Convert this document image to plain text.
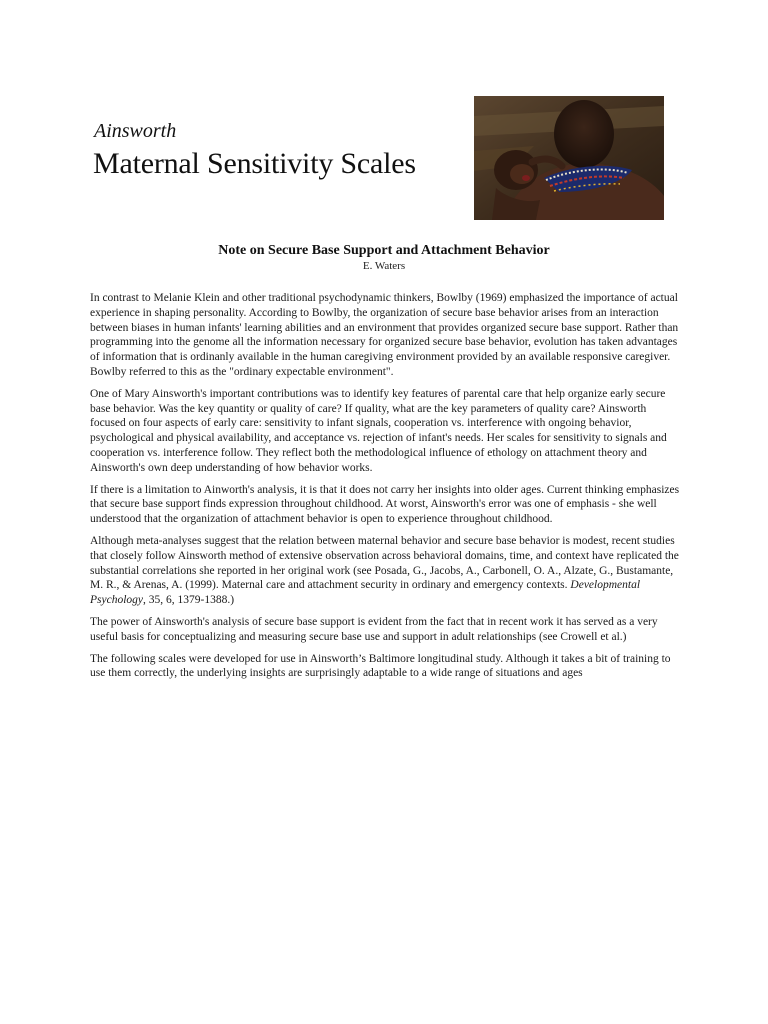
Ainsworth
Maternal Sensitivity Scales
Note on Secure Base Support and Attachment Behavior
E. Waters

In contrast to Melanie Klein and other traditional psychodynamic thinkers, Bowlby (1969) emphasized the importance of actual experience in shaping personality. According to Bowlby, the organization of secure base behavior arises from an interaction between biases in human infants' learning abilities and an environment that provides organized secure base support. Rather than programming into the genome all the information necessary for organized secure base behavior, evolution has taken advantages of information that is ordinanly available in the human caregiving environment provided by an available responsive caregiver. Bowlby referred to this as the "ordinary expectable environment".

One of Mary Ainsworth's important contributions was to identify key features of parental care that help organize early secure base behavior. Was the key quantity or quality of care? If quality, what are the key parameters of quality care? Ainsworth focused on four aspects of early care: sensitivity to infant signals, cooperation vs. interference with ongoing behavior, psychological and physical availability, and acceptance vs. rejection of infant's needs. Her scales for sensitivity to signals and cooperation vs. interference follow. They reflect both the methodological influence of ethology on attachment theory and Ainsworth's own deep understanding of how behavior works.

If there is a limitation to Ainworth's analysis, it is that it does not carry her insights into older ages. Current thinking emphasizes that secure base support finds expression throughout childhood. At worst, Ainsworth's error was one of emphasis - she well understood that the organization of attachment behavior is open to experience throughout childhood.

Although meta-analyses suggest that the relation between maternal behavior and secure base behavior is modest, recent studies that closely follow Ainsworth method of extensive observation across behavioral domains, time, and context have replicated the substantial correlations she reported in her original work (see Posada, G., Jacobs, A., Carbonell, O. A., Alzate, G., Bustamante, M. R., & Arenas, A. (1999). Maternal care and attachment security in ordinary and emergency contexts. Developmental Psychology, 35, 6, 1379-1388.)

The power of Ainsworth's analysis of secure base support is evident from the fact that in recent work it has served as a very useful basis for conceptualizing and measuring secure base use and support in adult relationships (see Crowell et al.)

The following scales were developed for use in Ainsworth’s Baltimore longitudinal study. Although it takes a bit of training to use them correctly, the underlying insights are surprisingly adaptable to a wide range of situations and ages
